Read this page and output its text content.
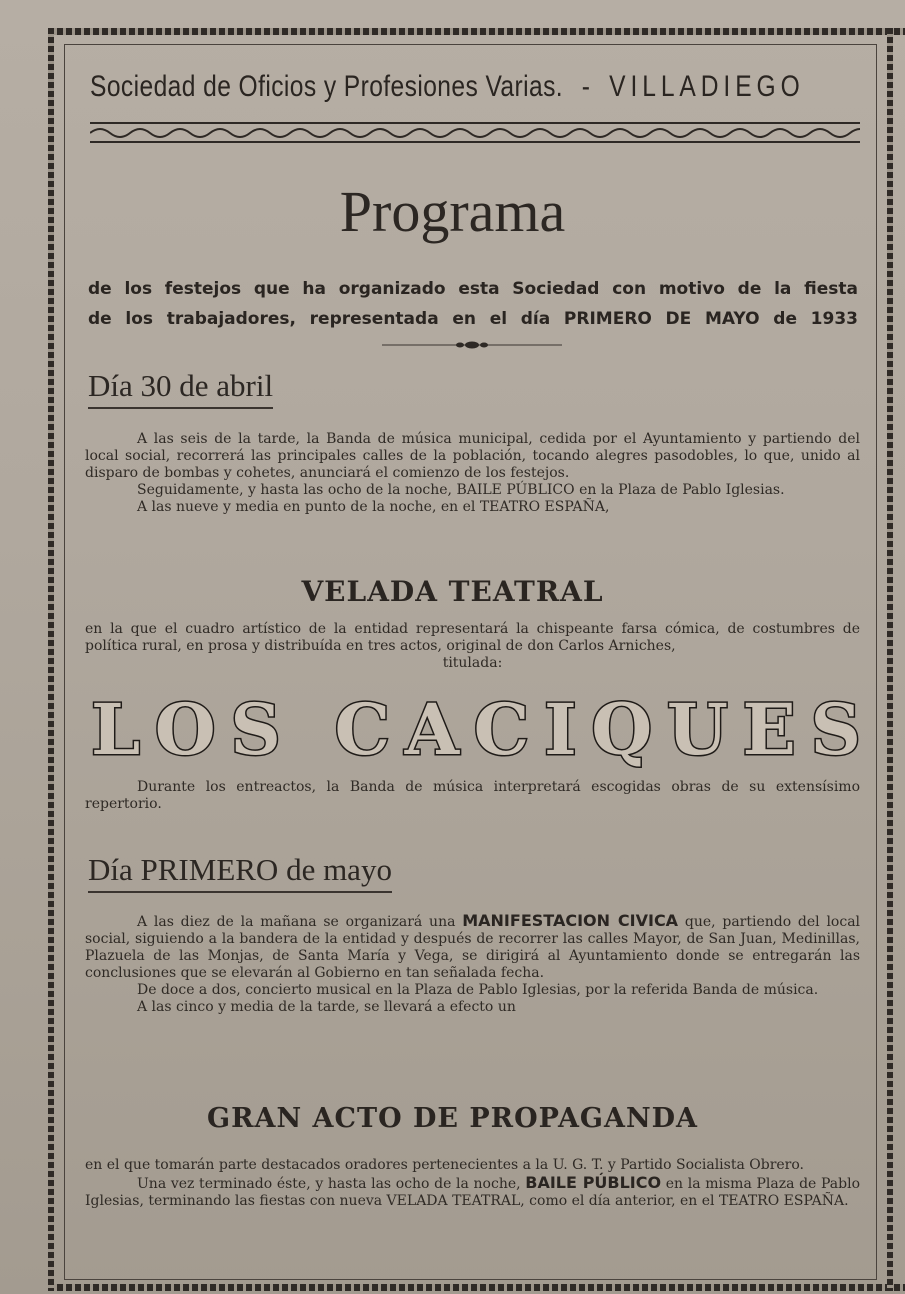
Sociedad de Oficios y Profesiones Varias. - VILLADIEGO
Programa
de los festejos que ha organizado esta Sociedad con motivo de la fiesta
de los trabajadores, representada en el día PRIMERO DE MAYO de 1933
Día 30 de abril

A las seis de la tarde, la Banda de música municipal, cedida por el Ayuntamiento y partiendo del local social, recorrerá las principales calles de la población, tocando alegres pasodobles, lo que, unido al disparo de bombas y cohetes, anunciará el comienzo de los festejos.

Seguidamente, y hasta las ocho de la noche, BAILE PÚBLICO en la Plaza de Pablo Iglesias.

A las nueve y media en punto de la noche, en el TEATRO ESPAÑA,

VELADA TEATRAL

en la que el cuadro artístico de la entidad representará la chispeante farsa cómica, de costumbres de política rural, en prosa y distribuída en tres actos, original de don Carlos Arniches,

titulada:

LOS CACIQUES

Durante los entreactos, la Banda de música interpretará escogidas obras de su extensísimo repertorio.

Día PRIMERO de mayo

A las diez de la mañana se organizará una MANIFESTACION CIVICA que, partiendo del local social, siguiendo a la bandera de la entidad y después de recorrer las calles Mayor, de San Juan, Medinillas, Plazuela de las Monjas, de Santa María y Vega, se dirigirá al Ayuntamiento donde se entregarán las conclusiones que se elevarán al Gobierno en tan señalada fecha.

De doce a dos, concierto musical en la Plaza de Pablo Iglesias, por la referida Banda de música.

A las cinco y media de la tarde, se llevará a efecto un

GRAN ACTO DE PROPAGANDA

en el que tomarán parte destacados oradores pertenecientes a la U. G. T. y Partido Socialista Obrero.

Una vez terminado éste, y hasta las ocho de la noche, BAILE PÚBLICO en la misma Plaza de Pablo Iglesias, terminando las fiestas con nueva VELADA TEATRAL, como el día anterior, en el TEATRO ESPAÑA.
